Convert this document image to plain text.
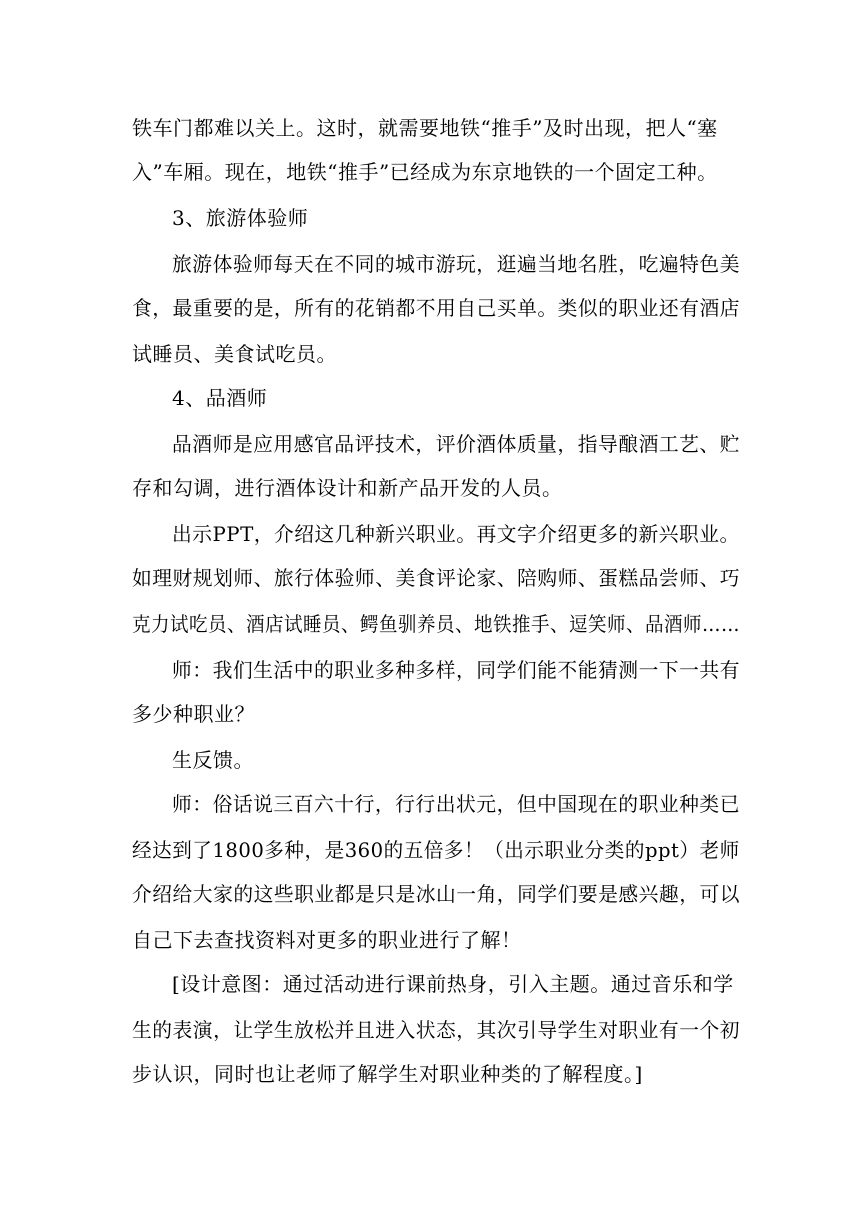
铁车门都难以关上。这时，就需要地铁“推手”及时出现，把人“塞
入”车厢。现在，地铁“推手”已经成为东京地铁的一个固定工种。
3、旅游体验师
旅游体验师每天在不同的城市游玩，逛遍当地名胜，吃遍特色美
食，最重要的是，所有的花销都不用自己买单。类似的职业还有酒店
试睡员、美食试吃员。
4、品酒师
品酒师是应用感官品评技术，评价酒体质量，指导酿酒工艺、贮
存和勾调，进行酒体设计和新产品开发的人员。
出示PPT，介绍这几种新兴职业。再文字介绍更多的新兴职业。
如理财规划师、旅行体验师、美食评论家、陪购师、蛋糕品尝师、巧
克力试吃员、酒店试睡员、鳄鱼驯养员、地铁推手、逗笑师、品酒师……
师：我们生活中的职业多种多样，同学们能不能猜测一下一共有
多少种职业？
生反馈。
师：俗话说三百六十行，行行出状元，但中国现在的职业种类已
经达到了1800多种，是360的五倍多！（出示职业分类的ppt）老师
介绍给大家的这些职业都是只是冰山一角，同学们要是感兴趣，可以
自己下去查找资料对更多的职业进行了解！
[设计意图：通过活动进行课前热身，引入主题。通过音乐和学
生的表演，让学生放松并且进入状态，其次引导学生对职业有一个初
步认识，同时也让老师了解学生对职业种类的了解程度。]
